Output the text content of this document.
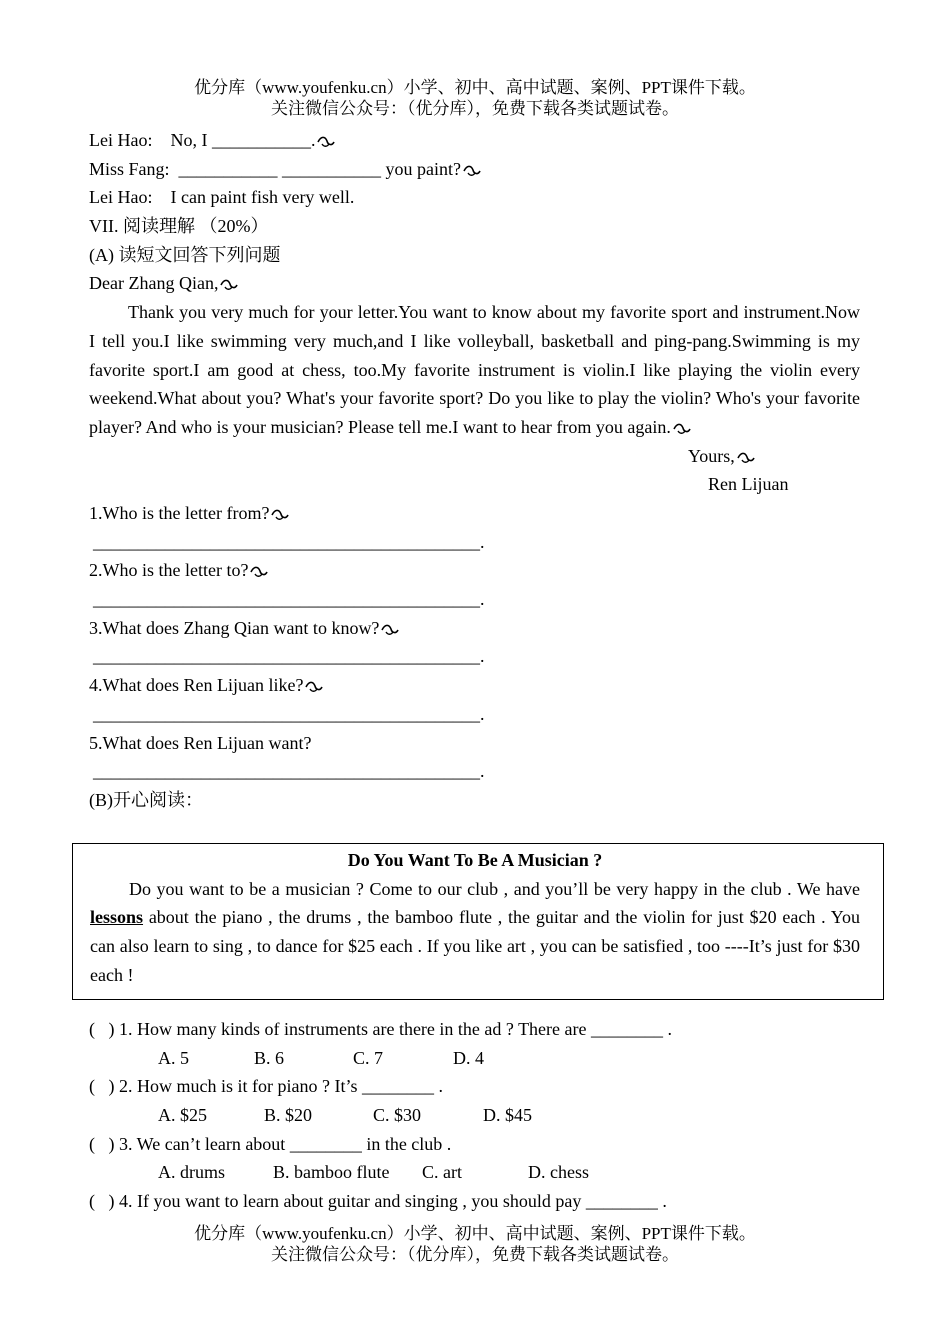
优分库（www.youfenku.cn）小学、初中、高中试题、案例、PPT课件下载。
关注微信公众号：（优分库），免费下载各类试题试卷。
Lei Hao: No, I ___________.
Miss Fang: ___________ ___________ you paint?
Lei Hao: I can paint fish very well.
VII. 阅读理解 （20%）
(A) 读短文回答下列问题
Dear Zhang Qian,
Thank you very much for your letter.You want to know about my favorite sport and instrument.Now I tell you.I like swimming very much,and I like volleyball, basketball and ping-pang.Swimming is my favorite sport.I am good at chess, too.My favorite instrument is violin.I like playing the violin every weekend.What about you? What's your favorite sport? Do you like to play the violin? Who's your favorite player? And who is your musician? Please tell me.I want to hear from you again.
Yours,
Ren Lijuan
1.Who is the letter from?
___________________________________________.
2.Who is the letter to?
___________________________________________.
3.What does Zhang Qian want to know?
___________________________________________.
4.What does Ren Lijuan like?
___________________________________________.
5.What does Ren Lijuan want?
___________________________________________.
(B)开心阅读：
Do You Want To Be A Musician ?
Do you want to be a musician ? Come to our club , and you’ll be very happy in the club . We have lessons about the piano , the drums , the bamboo flute , the guitar and the violin for just $20 each . You can also learn to sing , to dance for $25 each . If you like art , you can be satisfied , too ----It’s just for $30 each !
(   ) 1. How many kinds of instruments are there in the ad ? There are ________ .
A. 5	B. 6	C. 7	D. 4
(   ) 2. How much is it for piano ? It’s ________ .
A. $25	B. $20	C. $30	D. $45
(   ) 3. We can’t learn about ________ in the club .
A. drums	B. bamboo flute	C. art	D. chess
(   ) 4. If you want to learn about guitar and singing , you should pay ________ .
优分库（www.youfenku.cn）小学、初中、高中试题、案例、PPT课件下载。
关注微信公众号：（优分库），免费下载各类试题试卷。
